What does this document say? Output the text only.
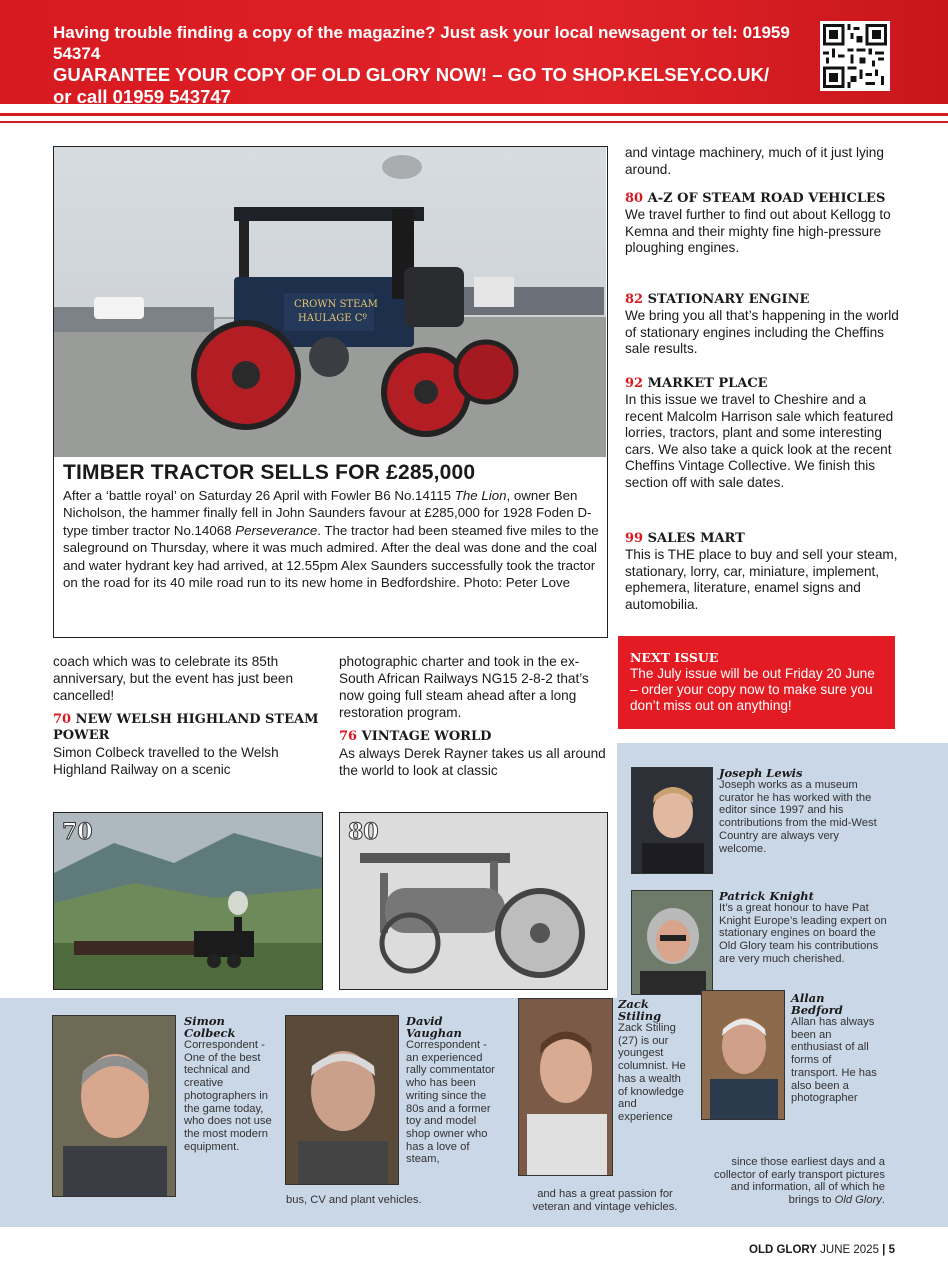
Having trouble finding a copy of the magazine? Just ask your local newsagent or tel: 01959 54374
GUARANTEE YOUR COPY OF OLD GLORY NOW! – GO TO SHOP.KELSEY.CO.UK/
or call 01959 543747
CROWN STEAM
HAULAGE Cº
TIMBER TRACTOR SELLS FOR £285,000
After a ‘battle royal’ on Saturday 26 April with Fowler B6 No.14115 The Lion, owner Ben Nicholson, the hammer finally fell in John Saunders favour at £285,000 for 1928 Foden D-type timber tractor No.14068 Perseverance. The tractor had been steamed five miles to the saleground on Thursday, where it was much admired. After the deal was done and the coal and water hydrant key had arrived, at 12.55pm Alex Saunders successfully took the tractor on the road for its 40 mile road run to its new home in Bedfordshire. Photo: Peter Love
and vintage machinery, much of it just lying around.
80 A-Z OF STEAM ROAD VEHICLES
We travel further to find out about Kellogg to Kemna and their mighty fine high-pressure ploughing engines.
82 STATIONARY ENGINE
We bring you all that’s happening in the world of stationary engines including the Cheffins sale results.
92 MARKET PLACE
In this issue we travel to Cheshire and a recent Malcolm Harrison sale which featured lorries, tractors, plant and some interesting cars. We also take a quick look at the recent Cheffins Vintage Collective. We finish this section off with sale dates.
99 SALES MART
This is THE place to buy and sell your steam, stationary, lorry, car, miniature, implement, ephemera, literature, enamel signs and automobilia.
NEXT ISSUE
The July issue will be out Friday 20 June – order your copy now to make sure you don’t miss out on anything!
coach which was to celebrate its 85th anniversary, but the event has just been cancelled!
70 NEW WELSH HIGHLAND STEAM POWER
Simon Colbeck travelled to the Welsh Highland Railway on a scenic
photographic charter and took in the ex-South African Railways NG15 2-8-2 that’s now going full steam ahead after a long restoration program.
76 VINTAGE WORLD
As always Derek Rayner takes us all around the world to look at classic
70	80
Joseph Lewis
Joseph works as a museum curator he has worked with the editor since 1997 and his contributions from the mid-West Country are always very welcome.
Patrick Knight
It’s a great honour to have Pat Knight Europe’s leading expert on stationary engines on board the Old Glory team his contributions are very much cherished.
Simon
Colbeck
Correspondent - One of the best technical and creative photographers in the game today, who does not use the most modern equipment.
David
Vaughan
Correspondent - an experienced rally commentator who has been writing since the 80s and a former toy and model shop owner who has a love of steam,
bus, CV and plant vehicles.
Zack
Stiling
Zack Stiling (27) is our youngest columnist. He has a wealth of knowledge and experience
and has a great passion for veteran and vintage vehicles.
Allan
Bedford
Allan has always been an enthusiast of all forms of transport. He has also been a photographer
since those earliest days and a collector of early transport pictures and information, all of which he brings to Old Glory.
OLD GLORY JUNE 2025 | 5
